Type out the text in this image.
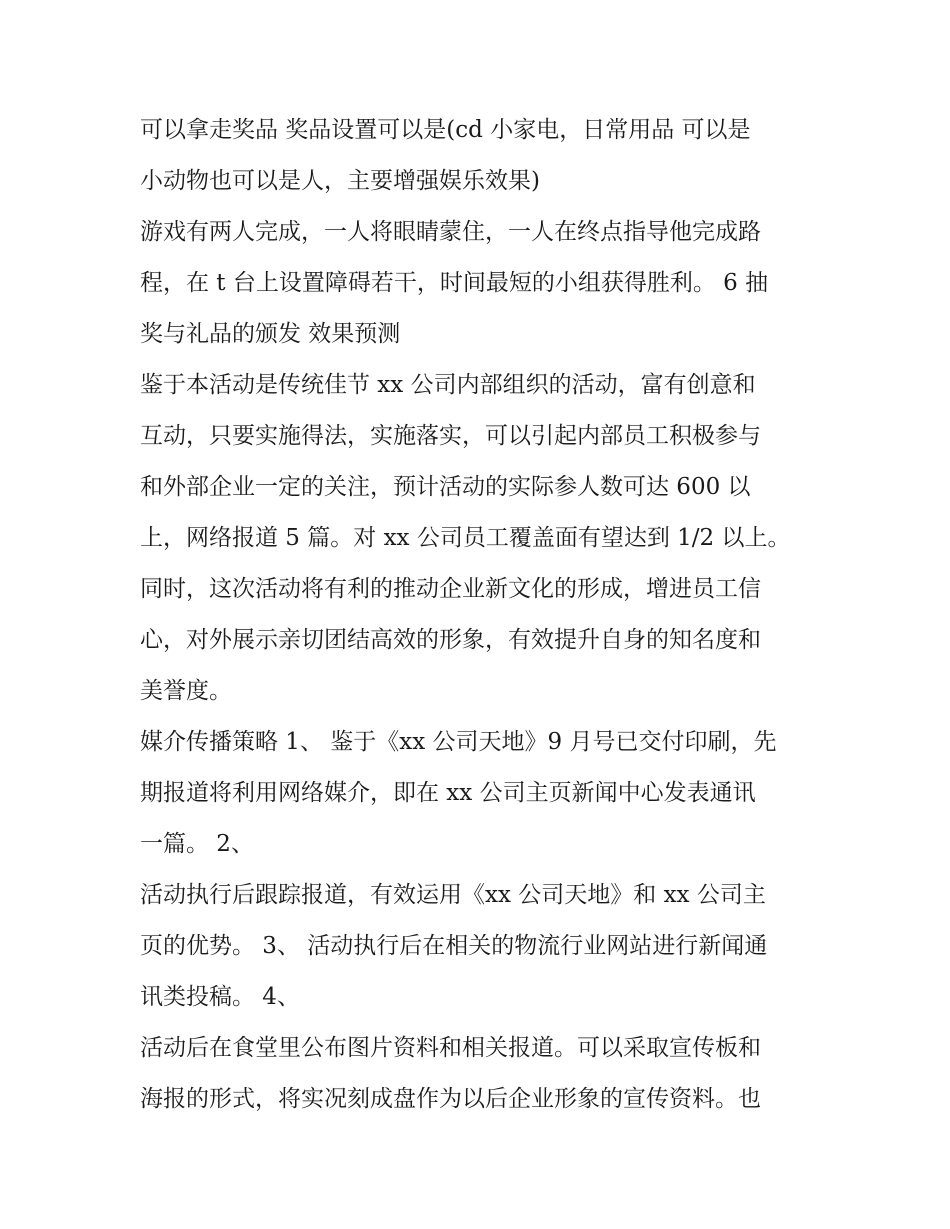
可以拿走奖品 奖品设置可以是(cd 小家电，日常用品 可以是
小动物也可以是人，主要增强娱乐效果)
游戏有两人完成，一人将眼睛蒙住，一人在终点指导他完成路
程，在 t 台上设置障碍若干，时间最短的小组获得胜利。 6 抽
奖与礼品的颁发 效果预测
鉴于本活动是传统佳节 xx 公司内部组织的活动，富有创意和
互动，只要实施得法，实施落实，可以引起内部员工积极参与
和外部企业一定的关注，预计活动的实际参人数可达 600 以
上，网络报道 5 篇。对 xx 公司员工覆盖面有望达到 1/2 以上。
同时，这次活动将有利的推动企业新文化的形成，增进员工信
心，对外展示亲切团结高效的形象，有效提升自身的知名度和
美誉度。
媒介传播策略 1、 鉴于《xx 公司天地》9 月号已交付印刷，先
期报道将利用网络媒介，即在 xx 公司主页新闻中心发表通讯
一篇。 2、
活动执行后跟踪报道，有效运用《xx 公司天地》和 xx 公司主
页的优势。 3、 活动执行后在相关的物流行业网站进行新闻通
讯类投稿。 4、
活动后在食堂里公布图片资料和相关报道。可以采取宣传板和
海报的形式，将实况刻成盘作为以后企业形象的宣传资料。也
